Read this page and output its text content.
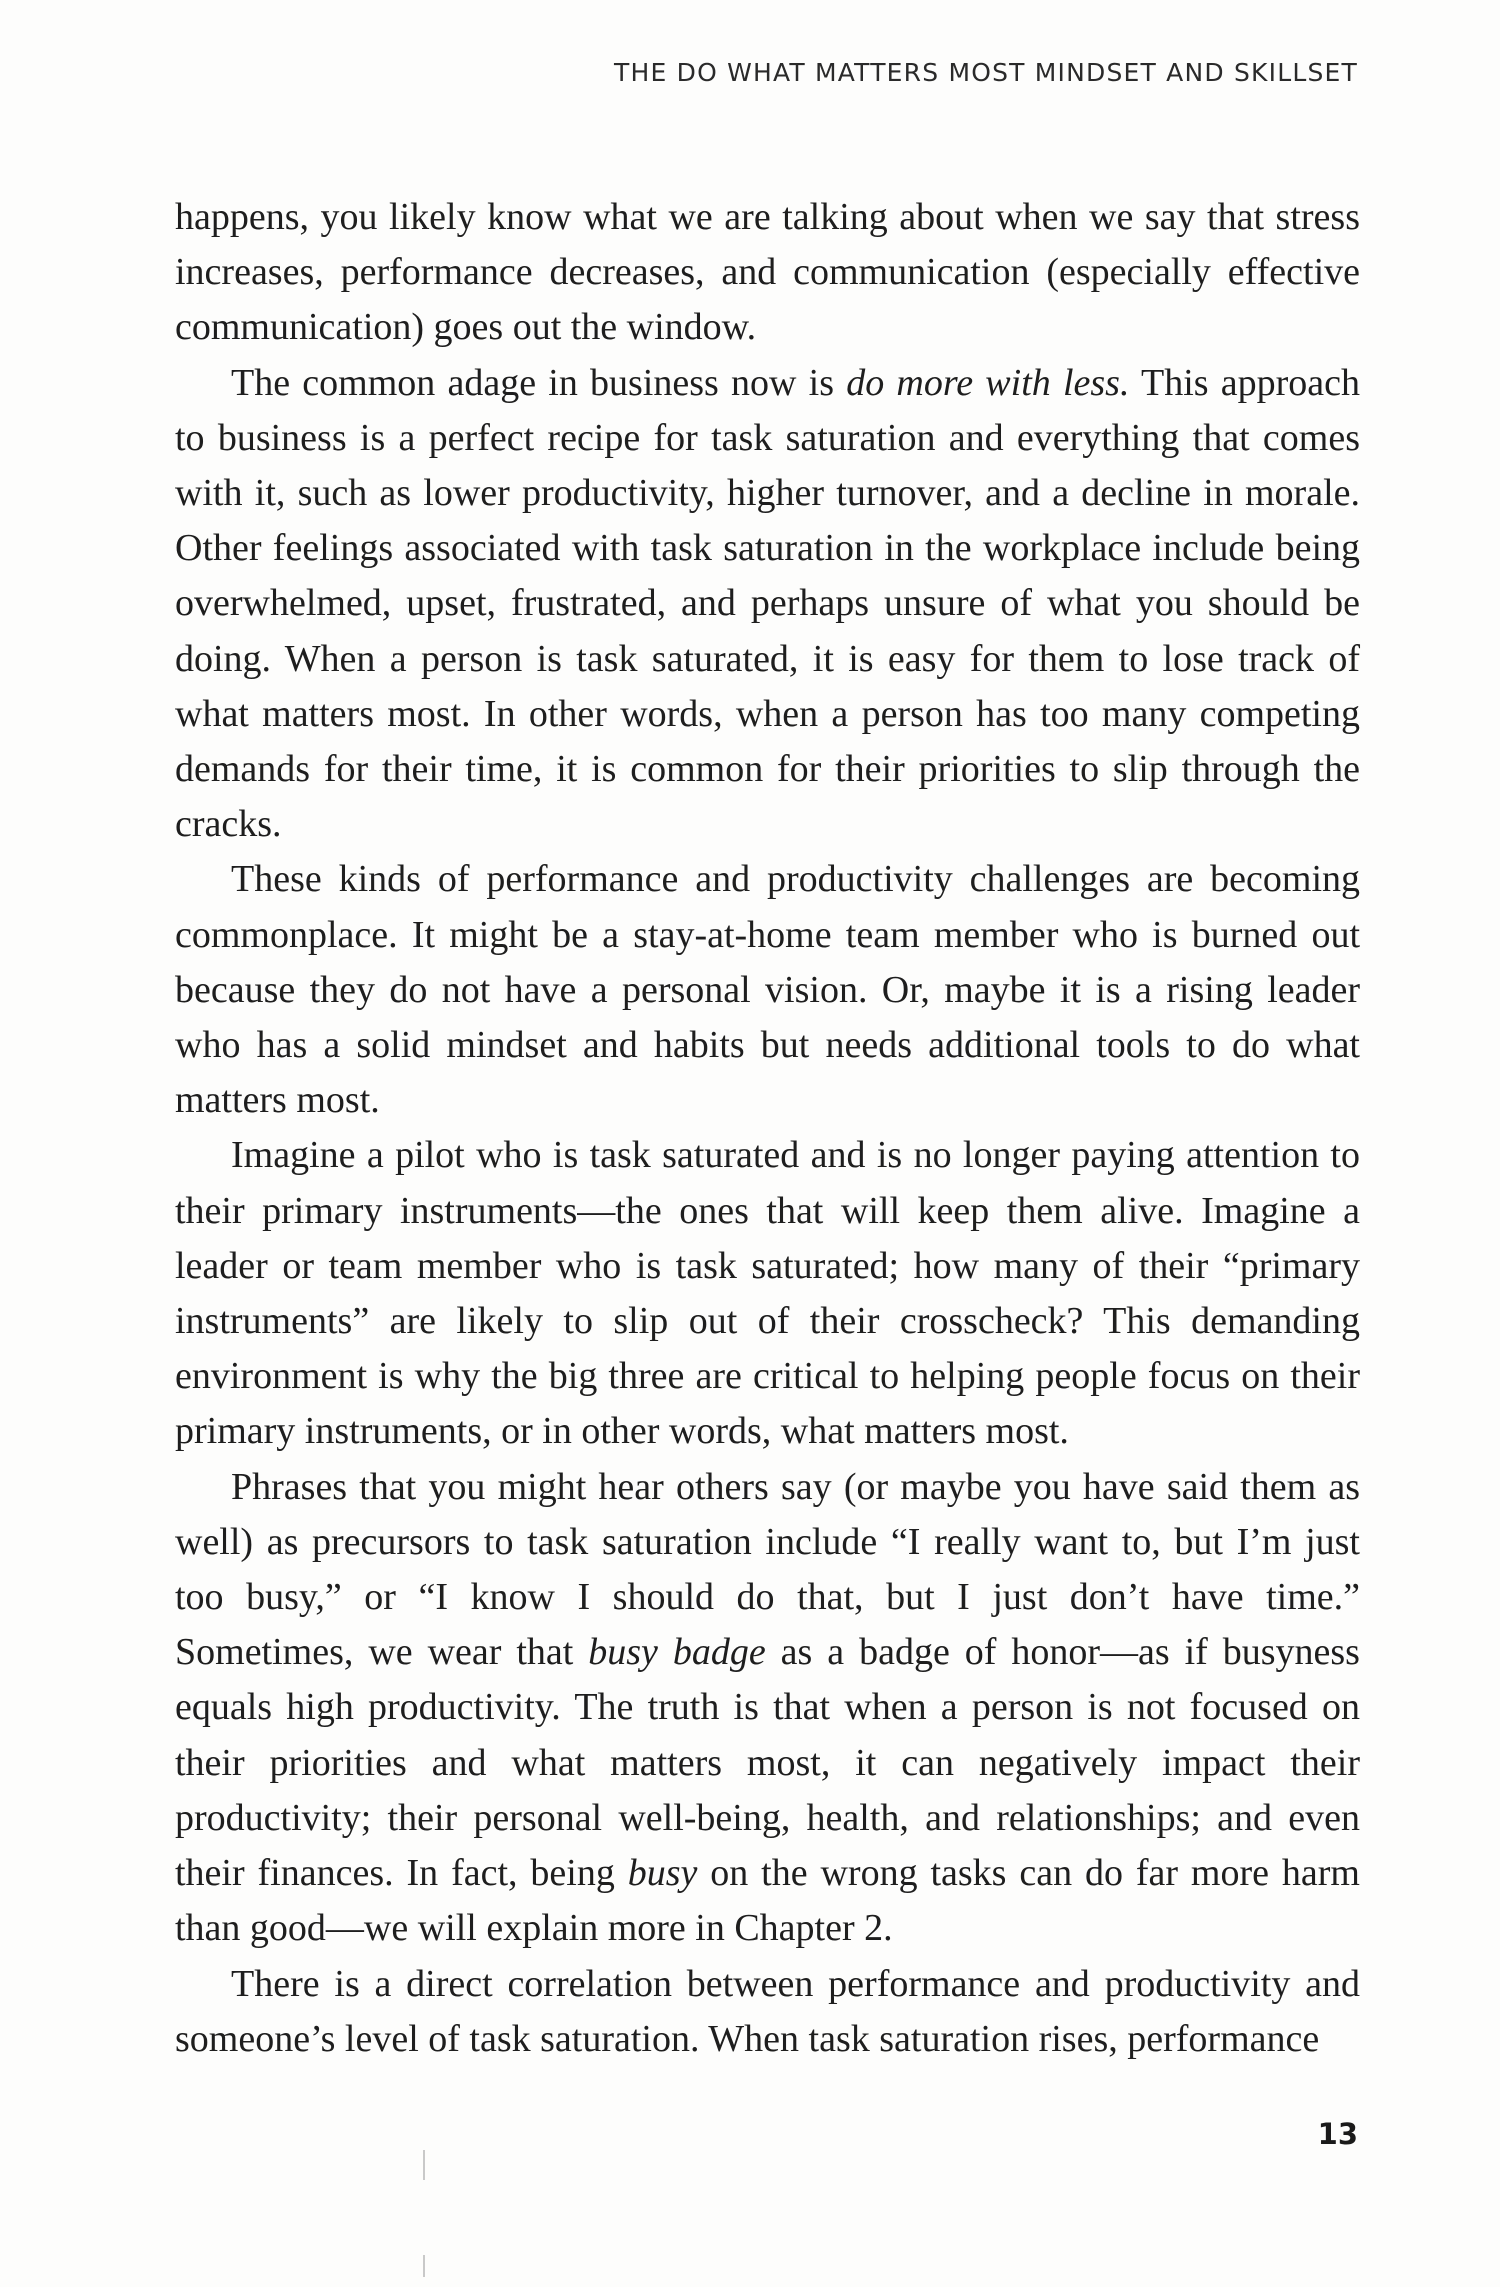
THE DO WHAT MATTERS MOST MINDSET AND SKILLSET

happens, you likely know what we are talking about when we say that stress increases, performance decreases, and communication (especially effective communication) goes out the window.

The common adage in business now is do more with less. This approach to business is a perfect recipe for task saturation and everything that comes with it, such as lower productivity, higher turnover, and a decline in morale. Other feelings associated with task saturation in the workplace include being overwhelmed, upset, frustrated, and perhaps unsure of what you should be doing. When a person is task saturated, it is easy for them to lose track of what matters most. In other words, when a person has too many competing demands for their time, it is common for their priorities to slip through the cracks.

These kinds of performance and productivity challenges are becoming commonplace. It might be a stay-at-home team member who is burned out because they do not have a personal vision. Or, maybe it is a rising leader who has a solid mindset and habits but needs additional tools to do what matters most.

Imagine a pilot who is task saturated and is no longer paying attention to their primary instruments—the ones that will keep them alive. Imagine a leader or team member who is task saturated; how many of their “primary instruments” are likely to slip out of their crosscheck? This demanding environment is why the big three are critical to helping people focus on their primary instruments, or in other words, what matters most.

Phrases that you might hear others say (or maybe you have said them as well) as precursors to task saturation include “I really want to, but I’m just too busy,” or “I know I should do that, but I just don’t have time.” Sometimes, we wear that busy badge as a badge of honor—as if busyness equals high productivity. The truth is that when a person is not focused on their priorities and what matters most, it can negatively impact their productivity; their personal well-being, health, and relationships; and even their finances. In fact, being busy on the wrong tasks can do far more harm than good—we will explain more in Chapter 2.

There is a direct correlation between performance and productivity and someone’s level of task saturation. When task saturation rises, performance

13
